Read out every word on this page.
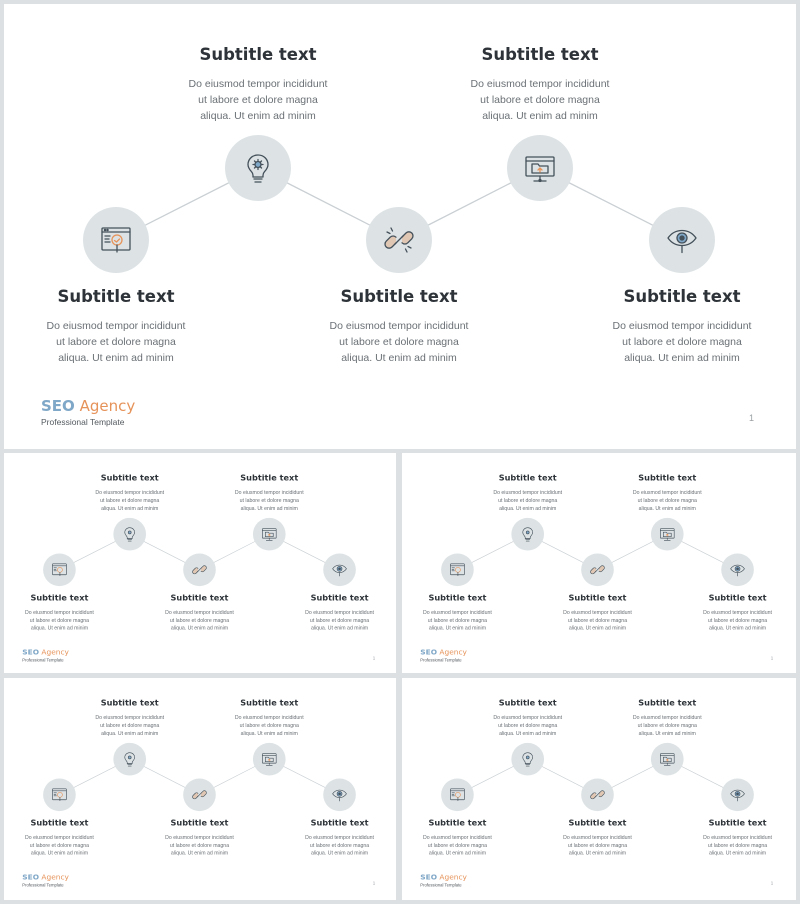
Subtitle text

Do eiusmod tempor incididunt
ut labore et dolore magna
aliqua. Ut enim ad minim

Subtitle text

Do eiusmod tempor incididunt
ut labore et dolore magna
aliqua. Ut enim ad minim

Subtitle text

Do eiusmod tempor incididunt
ut labore et dolore magna
aliqua. Ut enim ad minim

Subtitle text

Do eiusmod tempor incididunt
ut labore et dolore magna
aliqua. Ut enim ad minim

Subtitle text

Do eiusmod tempor incididunt
ut labore et dolore magna
aliqua. Ut enim ad minim

SEO Agency
Professional Template	1

Subtitle text

Do eiusmod tempor incididunt
ut labore et dolore magna
aliqua. Ut enim ad minim

Subtitle text

Do eiusmod tempor incididunt
ut labore et dolore magna
aliqua. Ut enim ad minim

Subtitle text

Do eiusmod tempor incididunt
ut labore et dolore magna
aliqua. Ut enim ad minim

Subtitle text

Do eiusmod tempor incididunt
ut labore et dolore magna
aliqua. Ut enim ad minim

Subtitle text

Do eiusmod tempor incididunt
ut labore et dolore magna
aliqua. Ut enim ad minim

SEO Agency
Professional Template	1

Subtitle text

Do eiusmod tempor incididunt
ut labore et dolore magna
aliqua. Ut enim ad minim

Subtitle text

Do eiusmod tempor incididunt
ut labore et dolore magna
aliqua. Ut enim ad minim

Subtitle text

Do eiusmod tempor incididunt
ut labore et dolore magna
aliqua. Ut enim ad minim

Subtitle text

Do eiusmod tempor incididunt
ut labore et dolore magna
aliqua. Ut enim ad minim

Subtitle text

Do eiusmod tempor incididunt
ut labore et dolore magna
aliqua. Ut enim ad minim

SEO Agency
Professional Template	1

Subtitle text

Do eiusmod tempor incididunt
ut labore et dolore magna
aliqua. Ut enim ad minim

Subtitle text

Do eiusmod tempor incididunt
ut labore et dolore magna
aliqua. Ut enim ad minim

Subtitle text

Do eiusmod tempor incididunt
ut labore et dolore magna
aliqua. Ut enim ad minim

Subtitle text

Do eiusmod tempor incididunt
ut labore et dolore magna
aliqua. Ut enim ad minim

Subtitle text

Do eiusmod tempor incididunt
ut labore et dolore magna
aliqua. Ut enim ad minim

SEO Agency
Professional Template	1

Subtitle text

Do eiusmod tempor incididunt
ut labore et dolore magna
aliqua. Ut enim ad minim

Subtitle text

Do eiusmod tempor incididunt
ut labore et dolore magna
aliqua. Ut enim ad minim

Subtitle text

Do eiusmod tempor incididunt
ut labore et dolore magna
aliqua. Ut enim ad minim

Subtitle text

Do eiusmod tempor incididunt
ut labore et dolore magna
aliqua. Ut enim ad minim

Subtitle text

Do eiusmod tempor incididunt
ut labore et dolore magna
aliqua. Ut enim ad minim

SEO Agency
Professional Template	1
